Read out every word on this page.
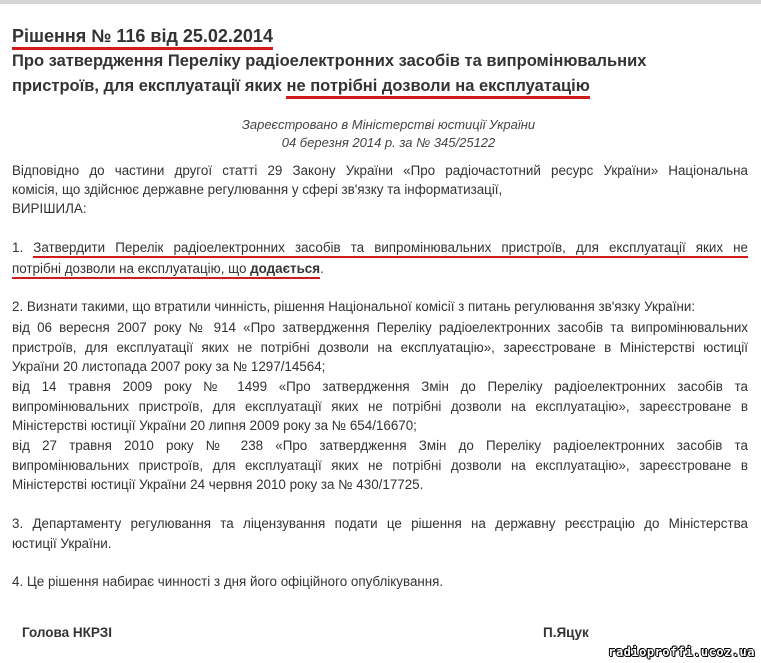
Рішення № 116 від 25.02.2014
Про затвердження Переліку радіоелектронних засобів та випромінювальних
пристроїв, для експлуатації яких не потрібні дозволи на експлуатацію
Зареєстровано в Міністерстві юстиції України
04 березня 2014 р. за № 345/25122
Відповідно до частини другої статті 29 Закону України «Про радіочастотний ресурс України» Національна
комісія, що здійснює державне регулювання у сфері зв'язку та інформатизації,
ВИРІШИЛА:
1. Затвердити Перелік радіоелектронних засобів та випромінювальних пристроїв, для експлуатації яких не
потрібні дозволи на експлуатацію, що додається.
2. Визнати такими, що втратили чинність, рішення Національної комісії з питань регулювання зв'язку України:
від 06 вересня 2007 року № 914 «Про затвердження Переліку радіоелектронних засобів та випромінювальних
пристроїв, для експлуатації яких не потрібні дозволи на експлуатацію», зареєстроване в Міністерстві юстиції
України 20 листопада 2007 року за № 1297/14564;
від 14 травня 2009 року № 1499 «Про затвердження Змін до Переліку радіоелектронних засобів та
випромінювальних пристроїв, для експлуатації яких не потрібні дозволи на експлуатацію», зареєстроване в
Міністерстві юстиції України 20 липня 2009 року за № 654/16670;
від 27 травня 2010 року № 238 «Про затвердження Змін до Переліку радіоелектронних засобів та
випромінювальних пристроїв, для експлуатації яких не потрібні дозволи на експлуатацію», зареєстроване в
Міністерстві юстиції України 24 червня 2010 року за № 430/17725.
3. Департаменту регулювання та ліцензування подати це рішення на державну реєстрацію до Міністерства
юстиції України.
4. Це рішення набирає чинності з дня його офіційного опублікування.
Голова НКРЗІ	П.Яцук
radioproffi.ucoz.ua
